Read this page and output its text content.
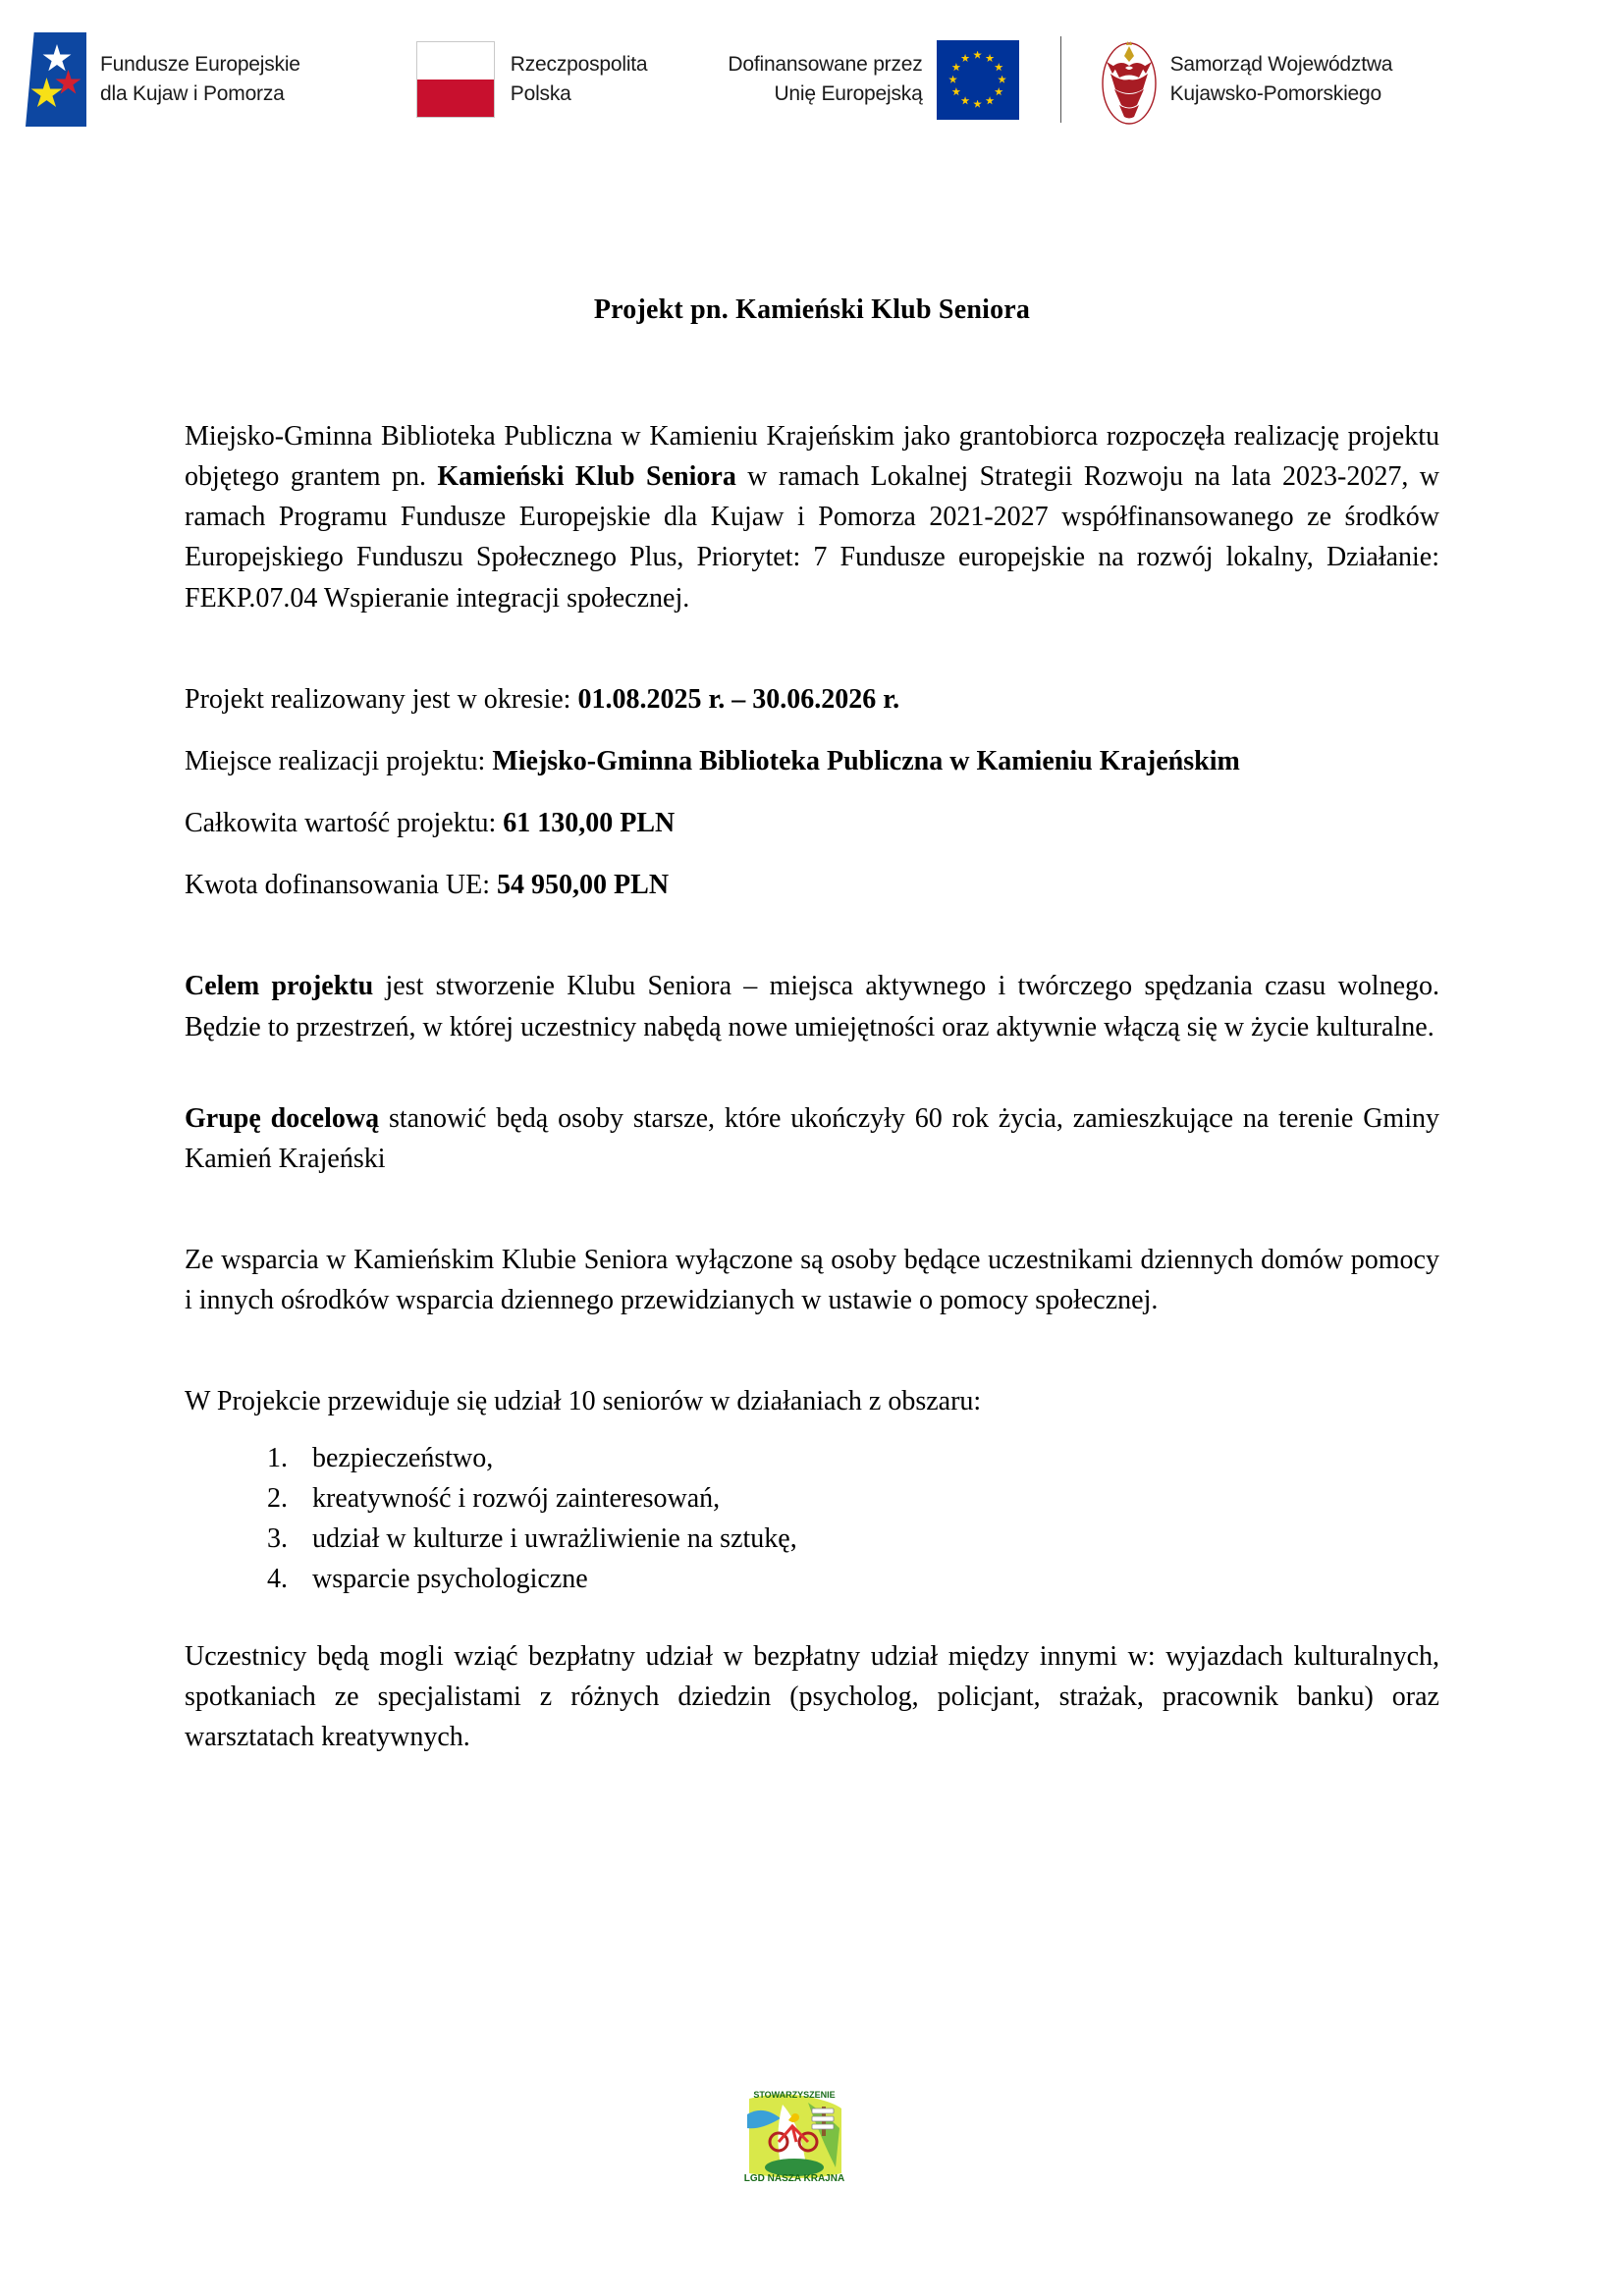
Fundusze Europejskie
dla Kujaw i Pomorza
Rzeczpospolita
Polska
Dofinansowane przez
Unię Europejską
Samorząd Województwa
Kujawsko-Pomorskiego
Projekt pn. Kamieński Klub Seniora

Miejsko-Gminna Biblioteka Publiczna w Kamieniu Krajeńskim jako grantobiorca rozpoczęła realizację projektu objętego grantem pn. Kamieński Klub Seniora w ramach Lokalnej Strategii Rozwoju na lata 2023-2027, w ramach Programu Fundusze Europejskie dla Kujaw i Pomorza 2021-2027 współfinansowanego ze środków Europejskiego Funduszu Społecznego Plus, Priorytet: 7 Fundusze europejskie na rozwój lokalny, Działanie: FEKP.07.04 Wspieranie integracji społecznej.

Projekt realizowany jest w okresie: 01.08.2025 r. – 30.06.2026 r.

Miejsce realizacji projektu: Miejsko-Gminna Biblioteka Publiczna w Kamieniu Krajeńskim

Całkowita wartość projektu: 61 130,00 PLN

Kwota dofinansowania UE: 54 950,00 PLN

Celem projektu jest stworzenie Klubu Seniora – miejsca aktywnego i twórczego spędzania czasu wolnego. Będzie to przestrzeń, w której uczestnicy nabędą nowe umiejętności oraz aktywnie włączą się w życie kulturalne.

Grupę docelową stanowić będą osoby starsze, które ukończyły 60 rok życia, zamieszkujące na terenie Gminy Kamień Krajeński

Ze wsparcia w Kamieńskim Klubie Seniora wyłączone są osoby będące uczestnikami dziennych domów pomocy i innych ośrodków wsparcia dziennego przewidzianych w ustawie o pomocy społecznej.

W Projekcie przewiduje się udział 10 seniorów w działaniach z obszaru:

1. bezpieczeństwo,
2. kreatywność i rozwój zainteresowań,
3. udział w kulturze i uwrażliwienie na sztukę,
4. wsparcie psychologiczne

Uczestnicy będą mogli wziąć bezpłatny udział w bezpłatny udział między innymi w: wyjazdach kulturalnych, spotkaniach ze specjalistami z różnych dziedzin (psycholog, policjant, strażak, pracownik banku) oraz warsztatach kreatywnych.

STOWARZYSZENIE
LGD NASZA KRAJNA
